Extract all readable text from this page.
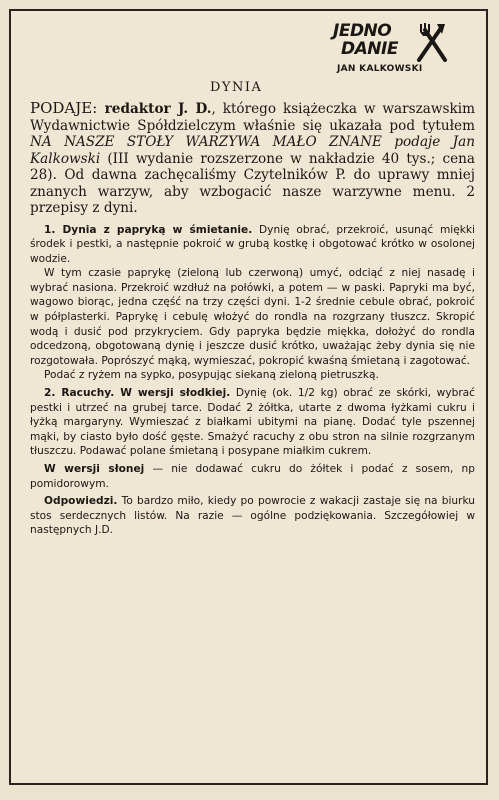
JEDNO
DANIE
JAN KALKOWSKI
DYNIA

PODAJE: redaktor J. D., którego książeczka w warszawskim Wydawnictwie Spółdzielczym właśnie się ukazała pod tytułem NA NASZE STOŁY WARZYWA MAŁO ZNANE podaje Jan Kalkowski (III wydanie rozszerzone w nakładzie 40 tys.; cena 28). Od dawna zachęcaliśmy Czytelników P. do uprawy mniej znanych warzyw, aby wzbogacić nasze warzywne menu. 2 przepisy z dyni.

1. Dynia z papryką w śmietanie. Dynię obrać, przekroić, usunąć miękki środek i pestki, a następnie pokroić w grubą kostkę i obgotować krótko w osolonej wodzie.

W tym czasie paprykę (zieloną lub czerwoną) umyć, odciąć z niej nasadę i wybrać nasiona. Przekroić wzdłuż na połówki, a potem — w paski. Papryki ma być, wagowo biorąc, jedna część na trzy części dyni. 1-2 średnie cebule obrać, pokroić w półplasterki. Paprykę i cebulę włożyć do rondla na rozgrzany tłuszcz. Skropić wodą i dusić pod przykryciem. Gdy papryka będzie miękka, dołożyć do rondla odcedzoną, obgotowaną dynię i jeszcze dusić krótko, uważając żeby dynia się nie rozgotowała. Poprószyć mąką, wymieszać, pokropić kwaśną śmietaną i zagotować.

Podać z ryżem na sypko, posypując siekaną zieloną pietruszką.

2. Racuchy. W wersji słodkiej. Dynię (ok. 1/2 kg) obrać ze skórki, wybrać pestki i utrzeć na grubej tarce. Dodać 2 żółtka, utarte z dwoma łyżkami cukru i łyżką margaryny. Wymieszać z białkami ubitymi na pianę. Dodać tyle pszennej mąki, by ciasto było dość gęste. Smażyć racuchy z obu stron na silnie rozgrzanym tłuszczu. Podawać polane śmietaną i posypane miałkim cukrem.

W wersji słonej — nie dodawać cukru do żółtek i podać z sosem, np pomidorowym.

Odpowiedzi. To bardzo miło, kiedy po powrocie z wakacji zastaje się na biurku stos serdecznych listów. Na razie — ogólne podziękowania. Szczegółowiej w następnych J.D.
